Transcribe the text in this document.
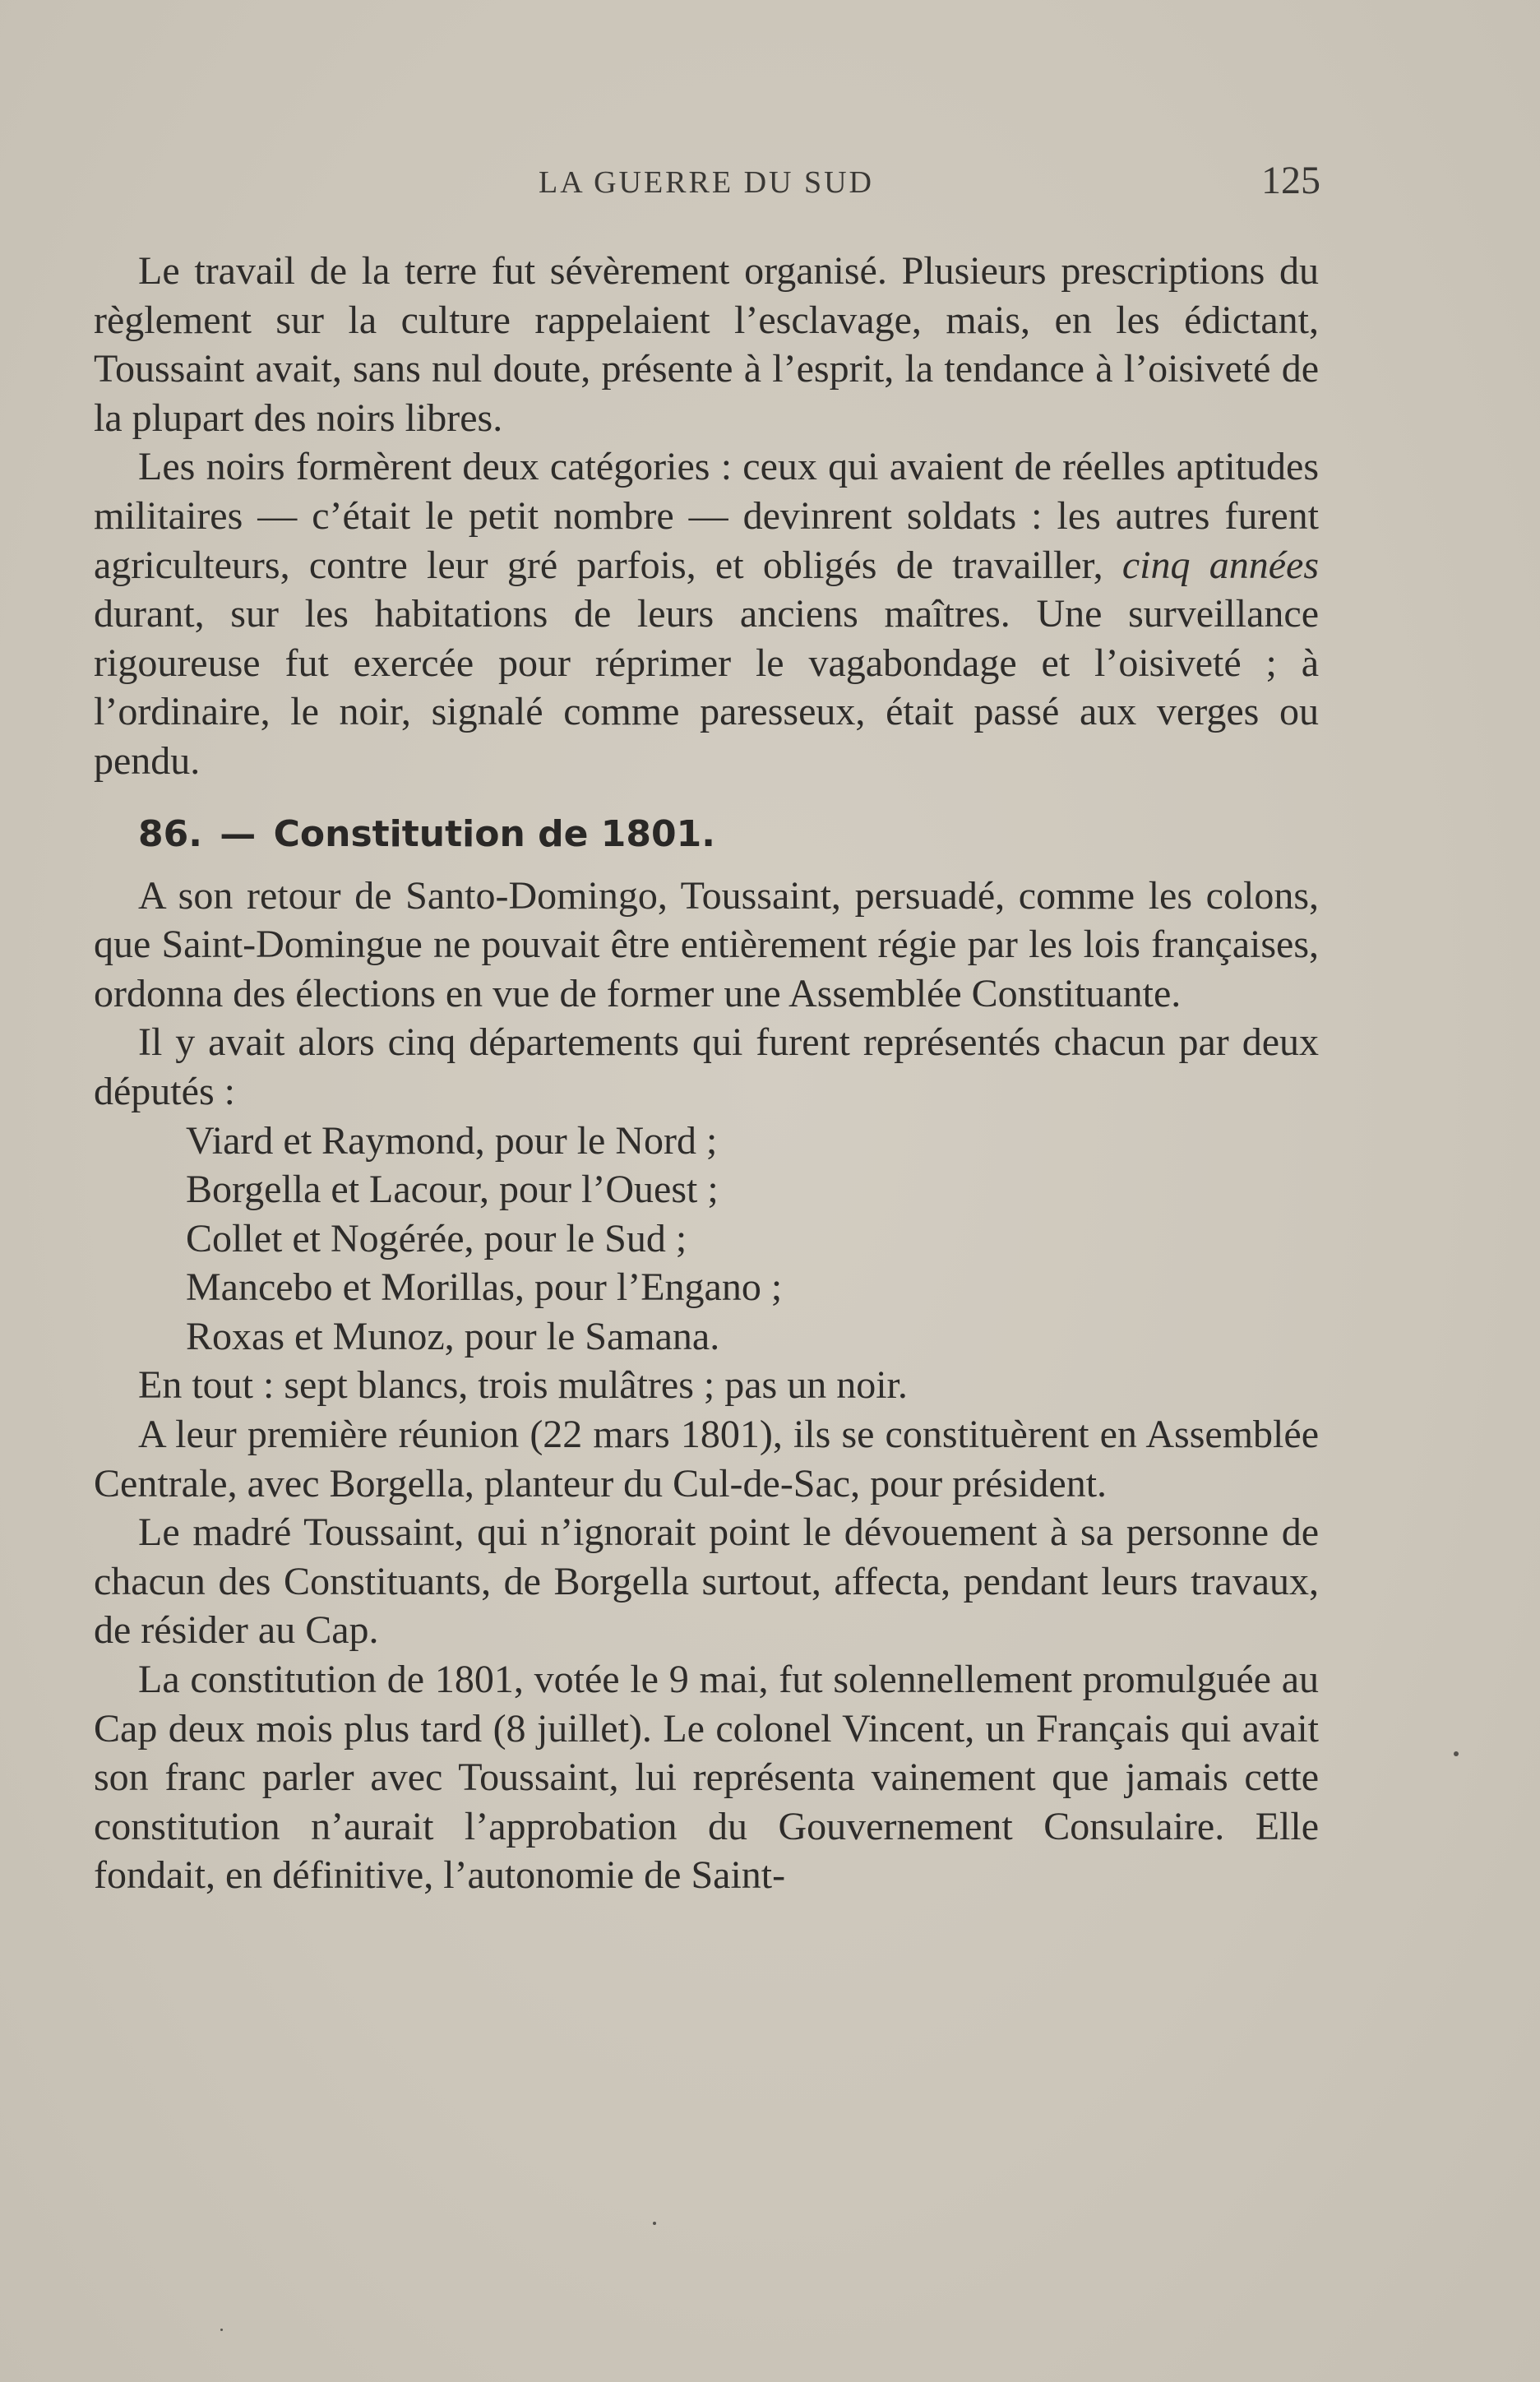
LA GUERRE DU SUD	125

Le travail de la terre fut sévèrement organisé. Plusieurs prescriptions du règlement sur la culture rappelaient l’esclavage, mais, en les édictant, Toussaint avait, sans nul doute, présente à l’esprit, la tendance à l’oisiveté de la plupart des noirs libres.

Les noirs formèrent deux catégories : ceux qui avaient de réelles aptitudes militaires — c’était le petit nombre — devinrent soldats : les autres furent agriculteurs, contre leur gré parfois, et obligés de travailler, cinq années durant, sur les habitations de leurs anciens maîtres. Une surveillance rigoureuse fut exercée pour réprimer le vagabondage et l’oisiveté ; à l’ordinaire, le noir, signalé comme paresseux, était passé aux verges ou pendu.

86. — Constitution de 1801.

A son retour de Santo-Domingo, Toussaint, persuadé, comme les colons, que Saint-Domingue ne pouvait être entièrement régie par les lois françaises, ordonna des élections en vue de former une Assemblée Constituante.

Il y avait alors cinq départements qui furent représentés chacun par deux députés :

Viard et Raymond, pour le Nord ;
Borgella et Lacour, pour l’Ouest ;
Collet et Nogérée, pour le Sud ;
Mancebo et Morillas, pour l’Engano ;
Roxas et Munoz, pour le Samana.

En tout : sept blancs, trois mulâtres ; pas un noir.

A leur première réunion (22 mars 1801), ils se constituèrent en Assemblée Centrale, avec Borgella, planteur du Cul-de-Sac, pour président.

Le madré Toussaint, qui n’ignorait point le dévouement à sa personne de chacun des Constituants, de Borgella surtout, affecta, pendant leurs travaux, de résider au Cap.

La constitution de 1801, votée le 9 mai, fut solennellement promulguée au Cap deux mois plus tard (8 juillet). Le colonel Vincent, un Français qui avait son franc parler avec Toussaint, lui représenta vainement que jamais cette constitution n’aurait l’approbation du Gouvernement Consulaire. Elle fondait, en définitive, l’autonomie de Saint-
